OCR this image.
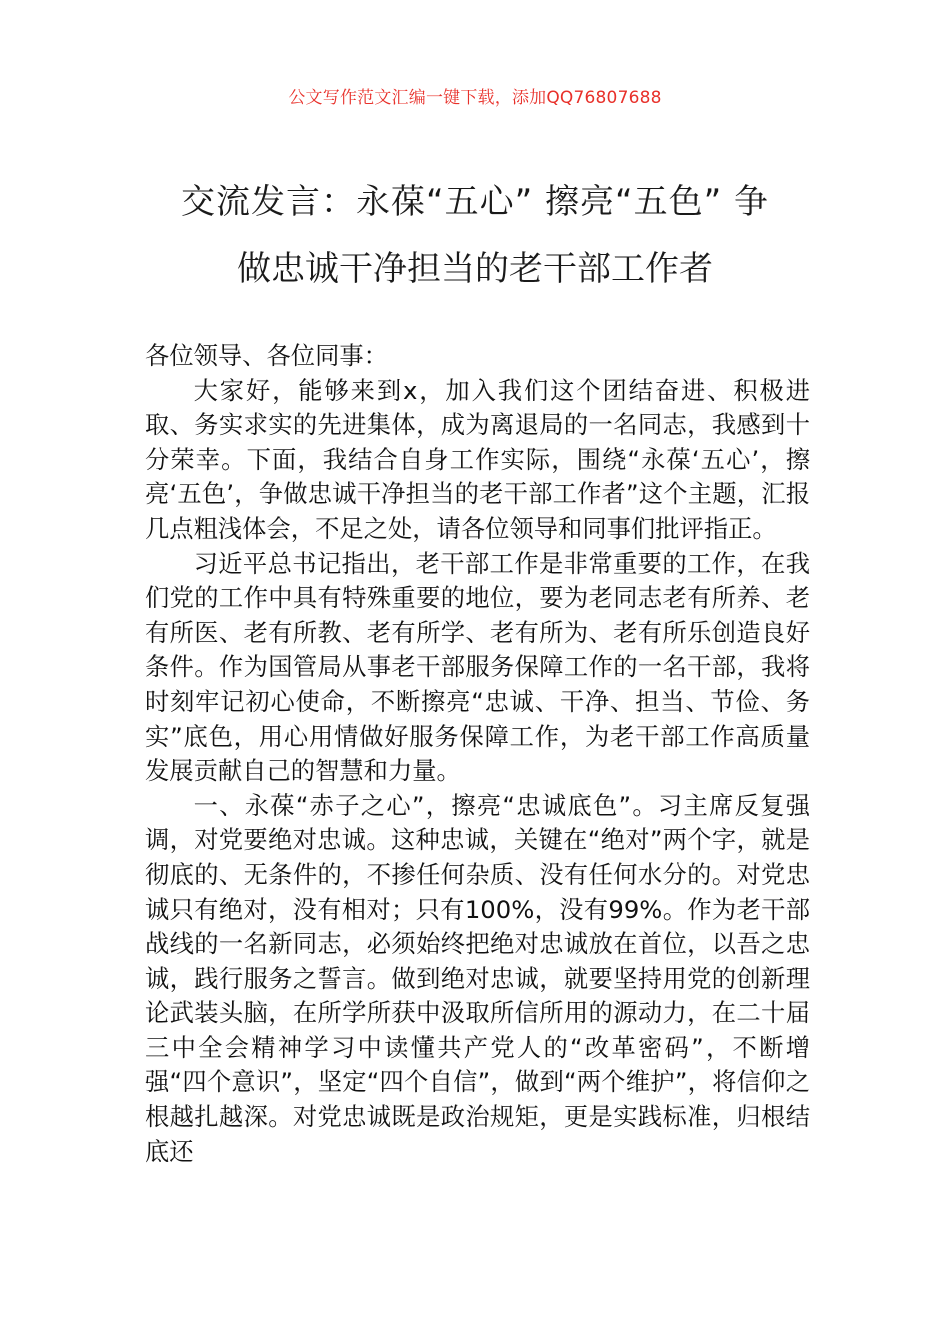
公文写作范文汇编一键下载，添加QQ76807688
交流发言：永葆“五心” 擦亮“五色” 争
做忠诚干净担当的老干部工作者

各位领导、各位同事：

大家好，能够来到x，加入我们这个团结奋进、积极进取、务实求实的先进集体，成为离退局的一名同志，我感到十分荣幸。下面，我结合自身工作实际，围绕“永葆‘五心’，擦亮‘五色’，争做忠诚干净担当的老干部工作者”这个主题，汇报几点粗浅体会，不足之处，请各位领导和同事们批评指正。

习近平总书记指出，老干部工作是非常重要的工作，在我们党的工作中具有特殊重要的地位，要为老同志老有所养、老有所医、老有所教、老有所学、老有所为、老有所乐创造良好条件。作为国管局从事老干部服务保障工作的一名干部，我将时刻牢记初心使命，不断擦亮“忠诚、干净、担当、节俭、务实”底色，用心用情做好服务保障工作，为老干部工作高质量发展贡献自己的智慧和力量。

一、永葆“赤子之心”，擦亮“忠诚底色”。习主席反复强调，对党要绝对忠诚。这种忠诚，关键在“绝对”两个字，就是彻底的、无条件的，不掺任何杂质、没有任何水分的。对党忠诚只有绝对，没有相对；只有100%，没有99%。作为老干部战线的一名新同志，必须始终把绝对忠诚放在首位，以吾之忠诚，践行服务之誓言。做到绝对忠诚，就要坚持用党的创新理论武装头脑，在所学所获中汲取所信所用的源动力，在二十届三中全会精神学习中读懂共产党人的“改革密码”，不断增强“四个意识”，坚定“四个自信”，做到“两个维护”，将信仰之根越扎越深。对党忠诚既是政治规矩，更是实践标准，归根结底还
